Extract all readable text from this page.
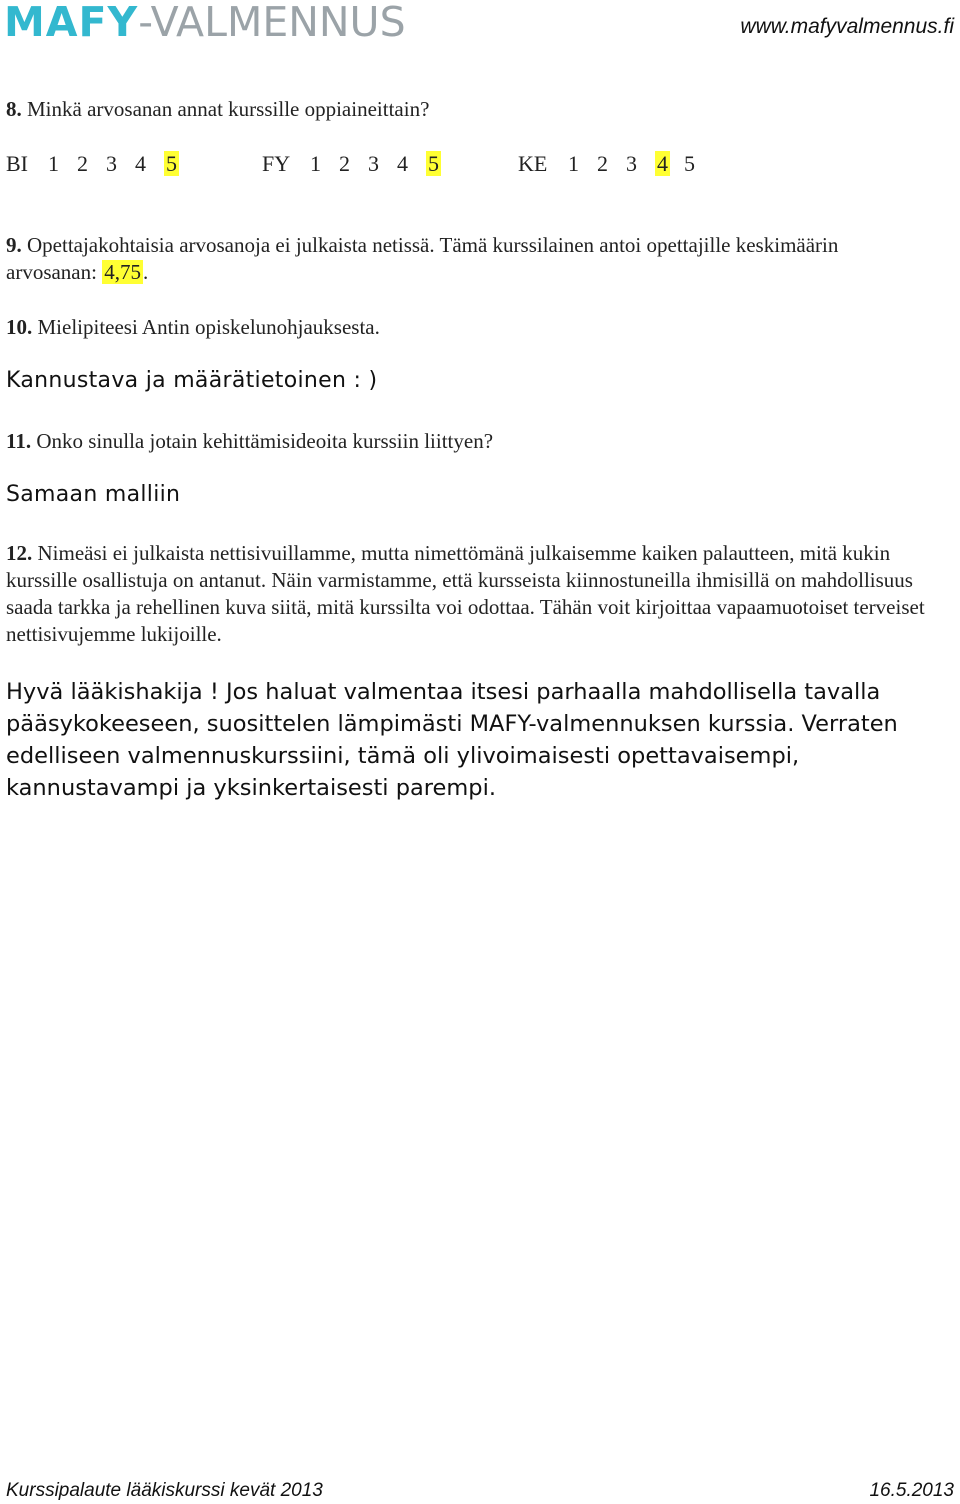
MAFY-VALMENNUS	www.mafyvalmennus.fi
8. Minkä arvosanan annat kurssille oppiaineittain?
BI 1 2 3 4 5	FY 1 2 3 4 5	KE 1 2 3 4 5
9. Opettajakohtaisia arvosanoja ei julkaista netissä. Tämä kurssilainen antoi opettajille keskimäärin
arvosanan: 4,75.
10. Mielipiteesi Antin opiskelunohjauksesta.
Kannustava ja määrätietoinen : )
11. Onko sinulla jotain kehittämisideoita kurssiin liittyen?
Samaan malliin
12. Nimeäsi ei julkaista nettisivuillamme, mutta nimettömänä julkaisemme kaiken palautteen, mitä kukin kurssille osallistuja on antanut. Näin varmistamme, että kursseista kiinnostuneilla ihmisillä on mahdollisuus saada tarkka ja rehellinen kuva siitä, mitä kurssilta voi odottaa. Tähän voit kirjoittaa vapaamuotoiset terveiset nettisivujemme lukijoille.
Hyvä lääkishakija ! Jos haluat valmentaa itsesi parhaalla mahdollisella tavalla pääsykokeeseen, suosittelen lämpimästi MAFY-valmennuksen kurssia. Verraten edelliseen valmennuskurssiini, tämä oli ylivoimaisesti opettavaisempi, kannustavampi ja yksinkertaisesti parempi.
Kurssipalaute lääkiskurssi kevät 2013	16.5.2013
